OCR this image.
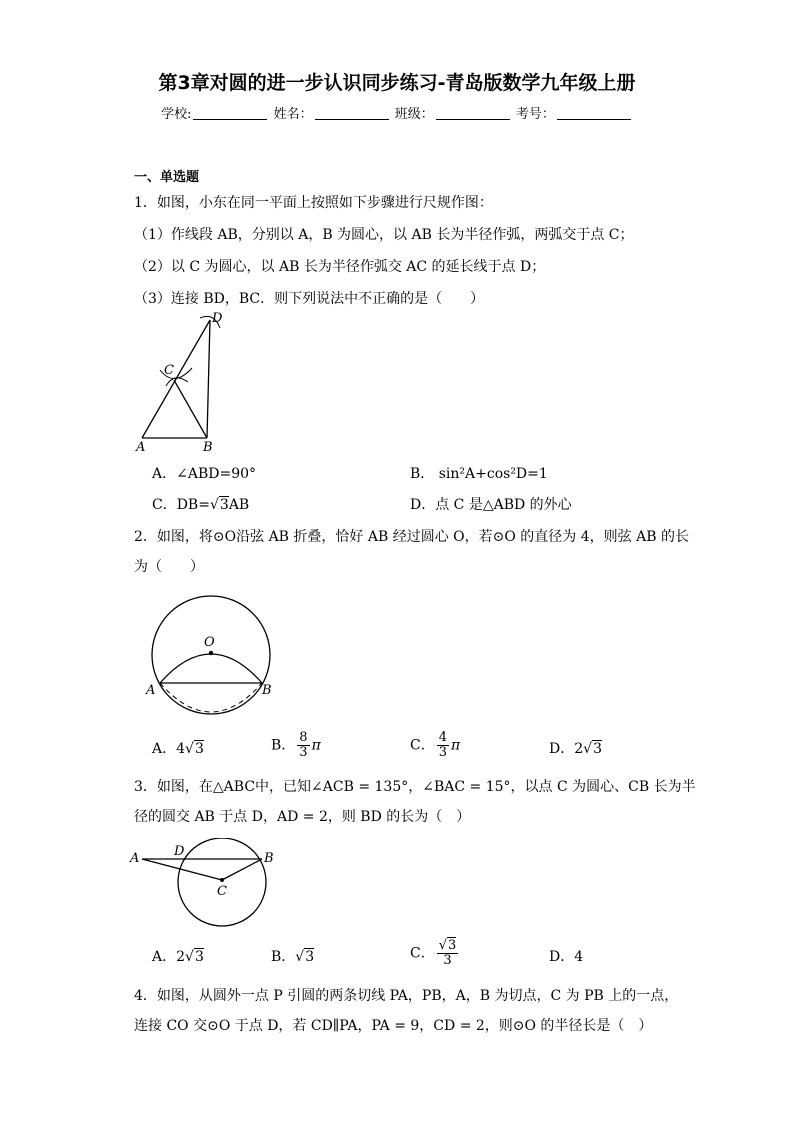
第3章对圆的进一步认识同步练习-青岛版数学九年级上册
学校:	姓名：	班级：	考号：
一、单选题
1．如图，小东在同一平面上按照如下步骤进行尺规作图：
（1）作线段 AB，分别以 A，B 为圆心，以 AB 长为半径作弧，两弧交于点 C；
（2）以 C 为圆心，以 AB 长为半径作弧交 AC 的延长线于点 D；
（3）连接 BD，BC．则下列说法中不正确的是（　　）
A	B
C
D
A．∠ABD=90°	B． sin²A+cos²D=1
C．DB=√3AB	D．点 C 是△ABD 的外心
2．如图，将⊙O沿弦 AB 折叠，恰好 AB 经过圆心 O，若⊙O 的直径为 4，则弦 AB 的长
为（　　）
O
A	B
A．4√3	B． $\frac{8}{3}$ π	C． $\frac{4}{3}$ π	D．2√3
3．如图，在△ABC中，已知∠ACB = 135°，∠BAC = 15°，以点 C 为圆心、CB 长为半
径的圆交 AB 于点 D，AD = 2，则 BD 的长为（　）
A	D	B
C
A．2√3	B．√3	C． $\frac{√3}{3}$	D．4
4．如图，从圆外一点 P 引圆的两条切线 PA，PB，A，B 为切点，C 为 PB 上的一点，
连接 CO 交⊙O 于点 D，若 CD∥PA，PA = 9，CD = 2，则⊙O 的半径长是（　）
